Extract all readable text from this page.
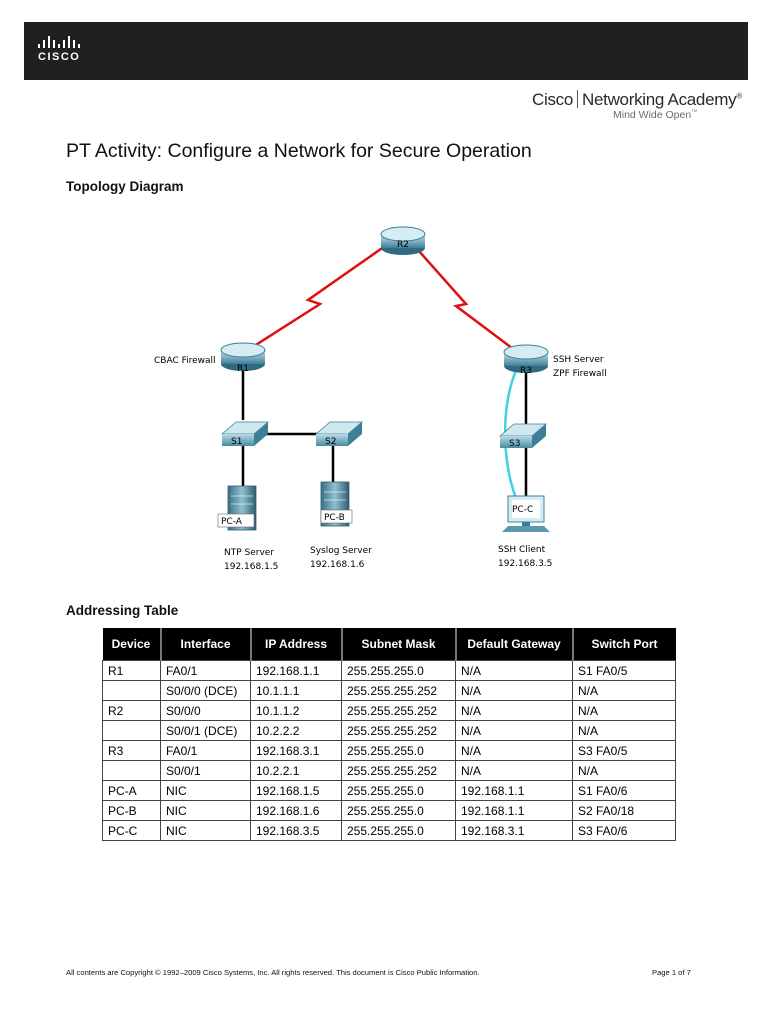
CISCO
Cisco Networking Academy®
Mind Wide Open™
PT Activity: Configure a Network for Secure Operation
Topology Diagram
R2
R1
CBAC Firewall
R3
SSH Server
ZPF Firewall
S1	S2	S3
PC-A
NTP Server
192.168.1.5
PC-B
Syslog Server
192.168.1.6
PC-C
SSH Client
192.168.3.5
Addressing Table
Device	Interface	IP Address	Subnet Mask	Default Gateway	Switch Port
R1	FA0/1	192.168.1.1	255.255.255.0	N/A	S1 FA0/5
	S0/0/0 (DCE)	10.1.1.1	255.255.255.252	N/A	N/A
R2	S0/0/0	10.1.1.2	255.255.255.252	N/A	N/A
	S0/0/1 (DCE)	10.2.2.2	255.255.255.252	N/A	N/A
R3	FA0/1	192.168.3.1	255.255.255.0	N/A	S3 FA0/5
	S0/0/1	10.2.2.1	255.255.255.252	N/A	N/A
PC-A	NIC	192.168.1.5	255.255.255.0	192.168.1.1	S1 FA0/6
PC-B	NIC	192.168.1.6	255.255.255.0	192.168.1.1	S2 FA0/18
PC-C	NIC	192.168.3.5	255.255.255.0	192.168.3.1	S3 FA0/6
All contents are Copyright © 1992–2009 Cisco Systems, Inc. All rights reserved. This document is Cisco Public Information.	Page 1 of 7
